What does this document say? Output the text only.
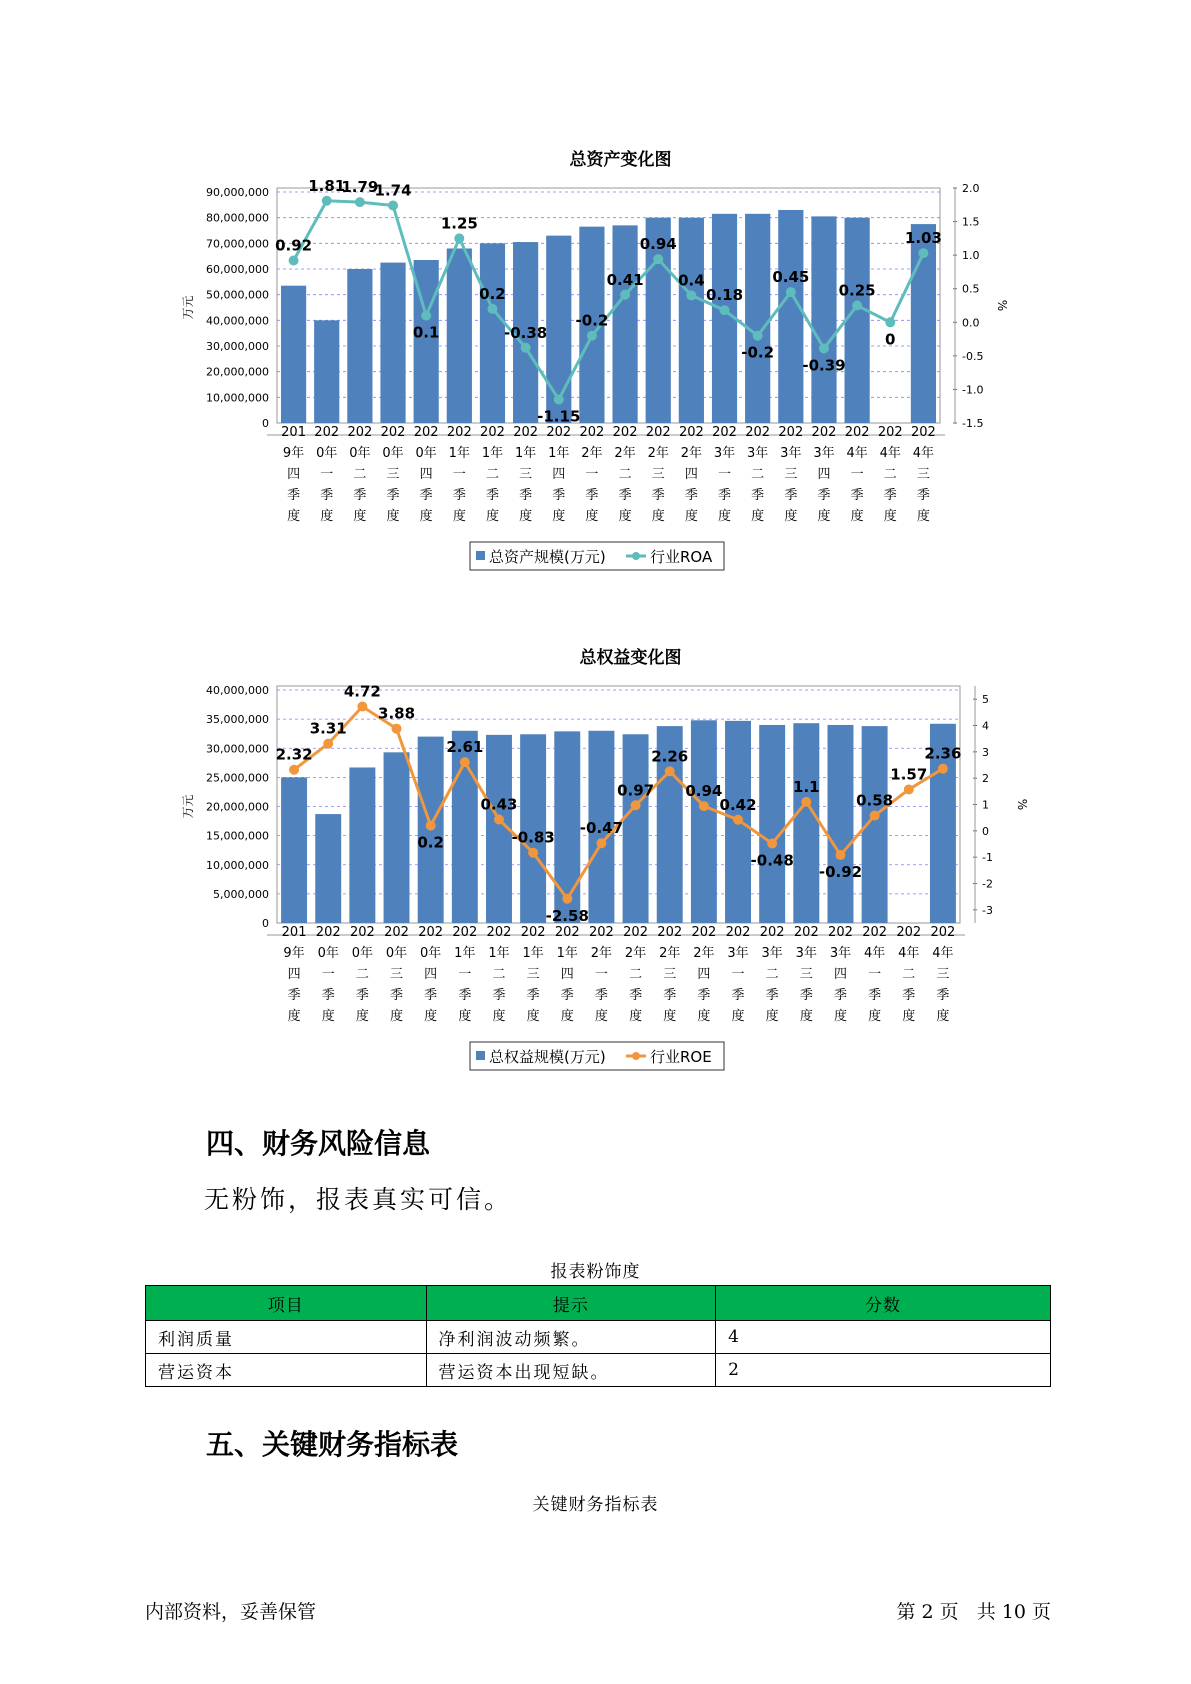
总资产变化图
90,000,000
80,000,000
70,000,000
60,000,000
50,000,000
40,000,000
30,000,000
20,000,000
10,000,000
0
2.0
1.5
1.0
0.5
0.0
-0.5
-1.0
-1.5
万元	%
0.92
1.81
1.79
1.74
0.1
1.25
0.2
-0.38
-1.15
-0.2
0.41
0.94
0.4
0.18
-0.2
0.45
-0.39
0.25
0
1.03
201
9年
四
季
度
202
0年
一
季
度
202
0年
二
季
度
202
0年
三
季
度
202
0年
四
季
度
202
1年
一
季
度
202
1年
二
季
度
202
1年
三
季
度
202
1年
四
季
度
202
2年
一
季
度
202
2年
二
季
度
202
2年
三
季
度
202
2年
四
季
度
202
3年
一
季
度
202
3年
二
季
度
202
3年
三
季
度
202
3年
四
季
度
202
4年
一
季
度
202
4年
二
季
度
202
4年
三
季
度
总资产规模(万元)	行业ROA
总权益变化图
40,000,000
35,000,000
30,000,000
25,000,000
20,000,000
15,000,000
10,000,000
5,000,000
0
5
4
3
2
1
0
-1
-2
-3
万元	%
2.32
3.31
4.72
3.88
0.2
2.61
0.43
-0.83
-2.58
-0.47
0.97
2.26
0.94
0.42
-0.48
1.1
-0.92
0.58
1.57
2.36
201
9年
四
季
度
202
0年
一
季
度
202
0年
二
季
度
202
0年
三
季
度
202
0年
四
季
度
202
1年
一
季
度
202
1年
二
季
度
202
1年
三
季
度
202
1年
四
季
度
202
2年
一
季
度
202
2年
二
季
度
202
2年
三
季
度
202
2年
四
季
度
202
3年
一
季
度
202
3年
二
季
度
202
3年
三
季
度
202
3年
四
季
度
202
4年
一
季
度
202
4年
二
季
度
202
4年
三
季
度
总权益规模(万元)	行业ROE
四、财务风险信息

无粉饰，报表真实可信。

报表粉饰度
项目	提示	分数
利润质量	净利润波动频繁。	4
营运资本	营运资本出现短缺。	2
五、关键财务指标表
关键财务指标表
内部资料，妥善保管	第 2 页   共 10 页
